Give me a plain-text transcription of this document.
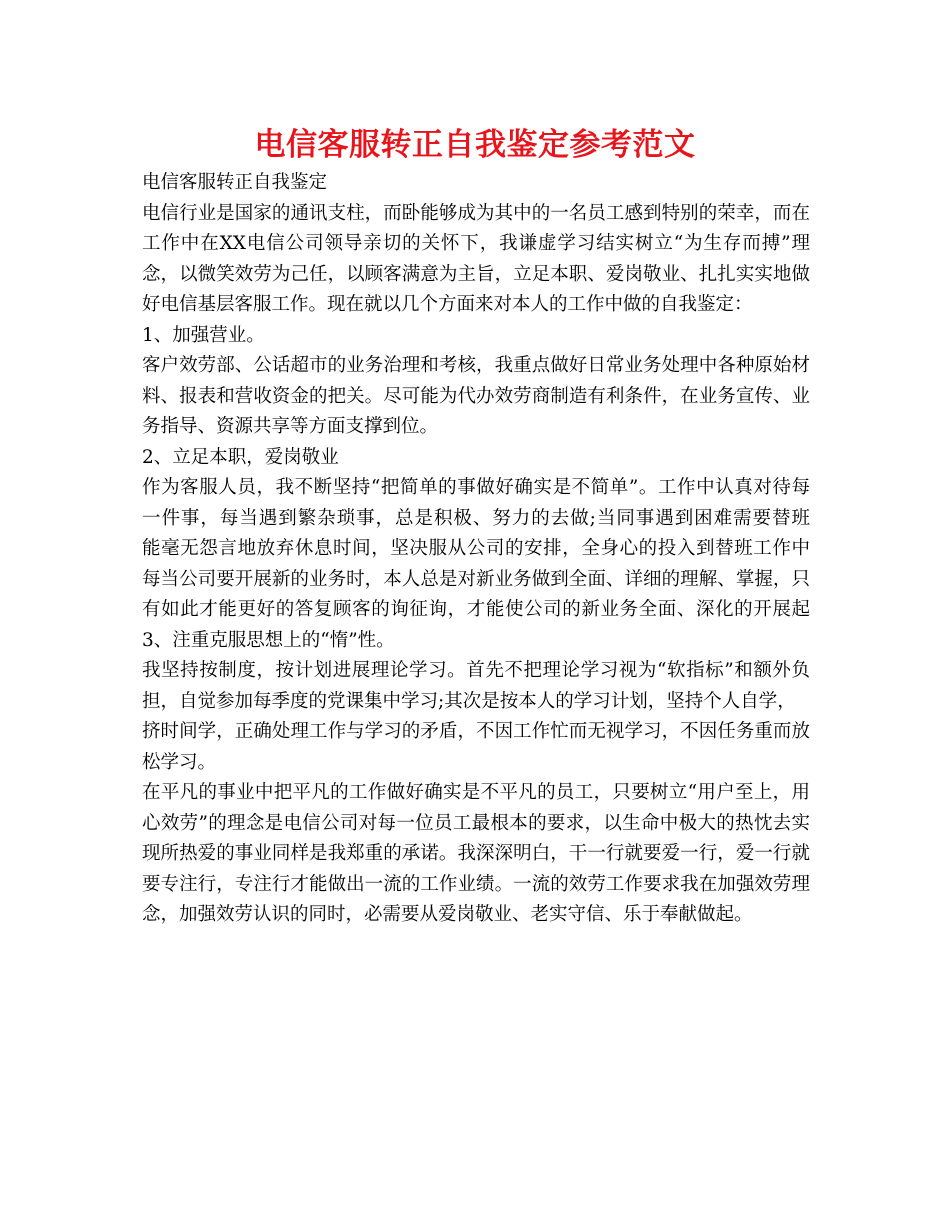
电信客服转正自我鉴定参考范文
电信客服转正自我鉴定
电信行业是国家的通讯支柱，而卧能够成为其中的一名员工感到特别的荣幸，而在
工作中在XX电信公司领导亲切的关怀下，我谦虚学习结实树立“为生存而搏”理
念，以微笑效劳为己任，以顾客满意为主旨，立足本职、爱岗敬业、扎扎实实地做
好电信基层客服工作。现在就以几个方面来对本人的工作中做的自我鉴定：
1、加强营业。
客户效劳部、公话超市的业务治理和考核，我重点做好日常业务处理中各种原始材
料、报表和营收资金的把关。尽可能为代办效劳商制造有利条件，在业务宣传、业
务指导、资源共享等方面支撑到位。
2、立足本职，爱岗敬业
作为客服人员，我不断坚持“把简单的事做好确实是不简单”。工作中认真对待每
一件事，每当遇到繁杂琐事，总是积极、努力的去做;当同事遇到困难需要替班
能毫无怨言地放弃休息时间，坚决服从公司的安排，全身心的投入到替班工作中
每当公司要开展新的业务时，本人总是对新业务做到全面、详细的理解、掌握，只
有如此才能更好的答复顾客的询征询，才能使公司的新业务全面、深化的开展起
3、注重克服思想上的“惰”性。
我坚持按制度，按计划进展理论学习。首先不把理论学习视为“软指标”和额外负
担，自觉参加每季度的党课集中学习;其次是按本人的学习计划，坚持个人自学，
挤时间学，正确处理工作与学习的矛盾，不因工作忙而无视学习，不因任务重而放
松学习。
在平凡的事业中把平凡的工作做好确实是不平凡的员工，只要树立“用户至上，用
心效劳”的理念是电信公司对每一位员工最根本的要求，以生命中极大的热忱去实
现所热爱的事业同样是我郑重的承诺。我深深明白，干一行就要爱一行，爱一行就
要专注行，专注行才能做出一流的工作业绩。一流的效劳工作要求我在加强效劳理
念，加强效劳认识的同时，必需要从爱岗敬业、老实守信、乐于奉献做起。
